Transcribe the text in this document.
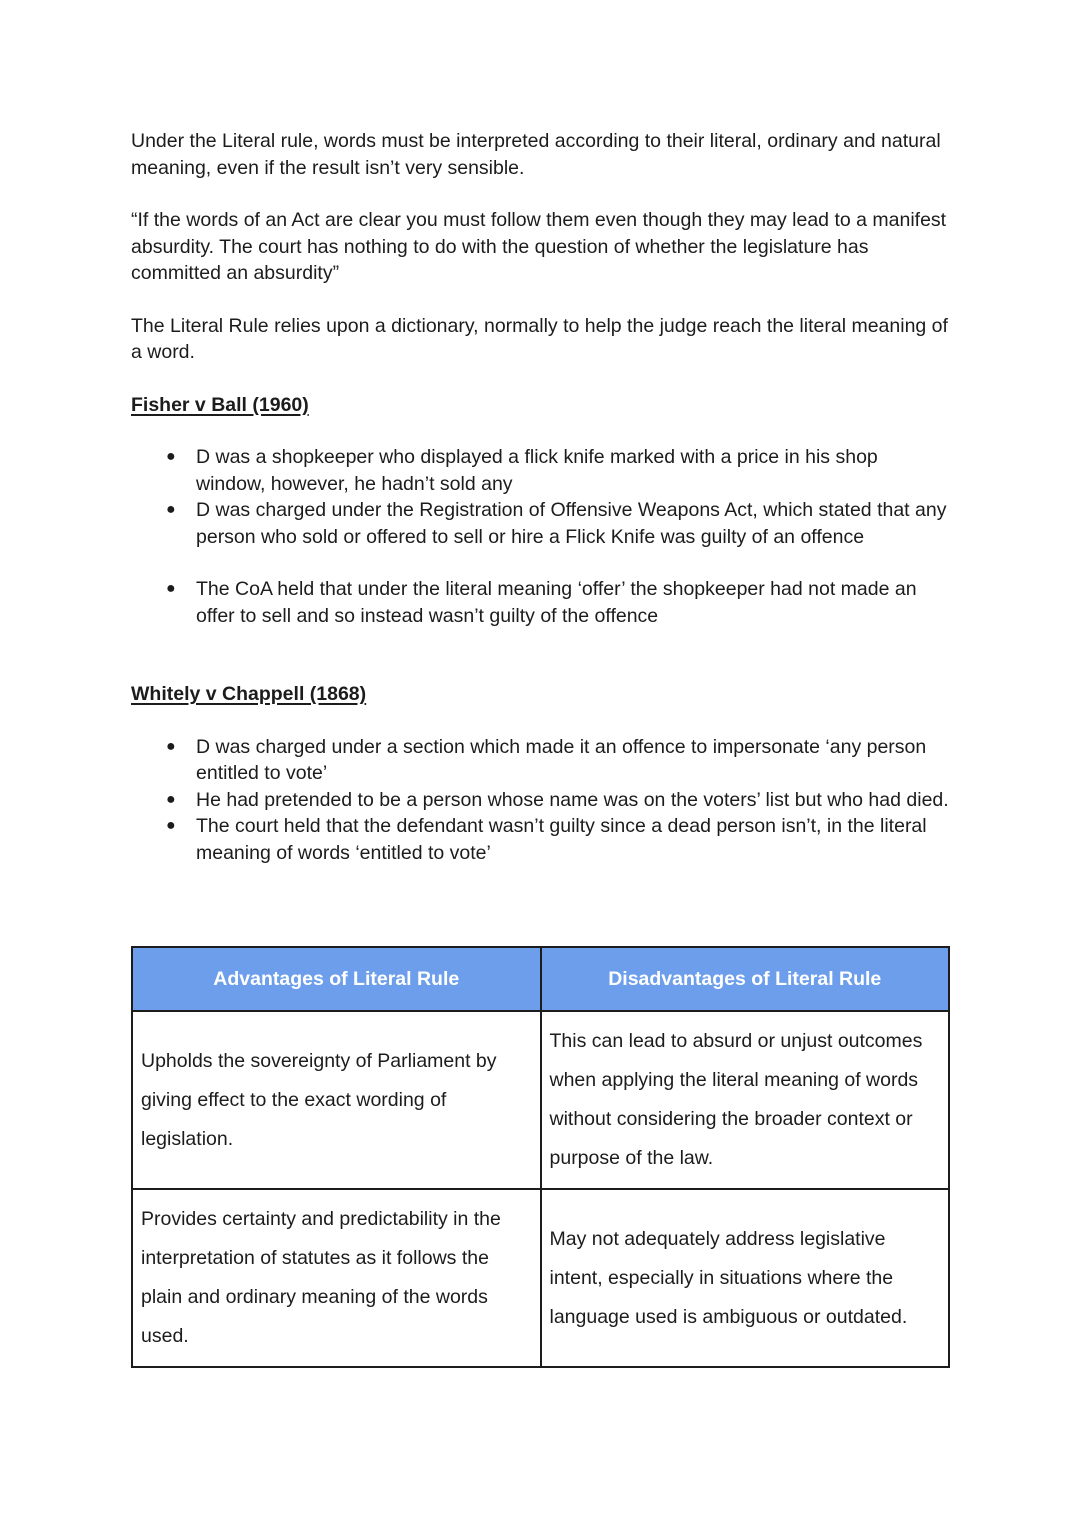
Under the Literal rule, words must be interpreted according to their literal, ordinary and natural meaning, even if the result isn’t very sensible.

“If the words of an Act are clear you must follow them even though they may lead to a manifest absurdity. The court has nothing to do with the question of whether the legislature has committed an absurdity”

The Literal Rule relies upon a dictionary, normally to help the judge reach the literal meaning of a word.

Fisher v Ball (1960)

● D was a shopkeeper who displayed a flick knife marked with a price in his shop window, however, he hadn’t sold any
● D was charged under the Registration of Offensive Weapons Act, which stated that any person who sold or offered to sell or hire a Flick Knife was guilty of an offence
● The CoA held that under the literal meaning ‘offer’ the shopkeeper had not made an offer to sell and so instead wasn’t guilty of the offence

Whitely v Chappell (1868)

● D was charged under a section which made it an offence to impersonate ‘any person entitled to vote’
● He had pretended to be a person whose name was on the voters’ list but who had died.
● The court held that the defendant wasn’t guilty since a dead person isn’t, in the literal meaning of words ‘entitled to vote’
Advantages of Literal Rule	Disadvantages of Literal Rule
Upholds the sovereignty of Parliament by giving effect to the exact wording of legislation.	This can lead to absurd or unjust outcomes when applying the literal meaning of words without considering the broader context or purpose of the law.
Provides certainty and predictability in the interpretation of statutes as it follows the plain and ordinary meaning of the words used.	May not adequately address legislative intent, especially in situations where the language used is ambiguous or outdated.
